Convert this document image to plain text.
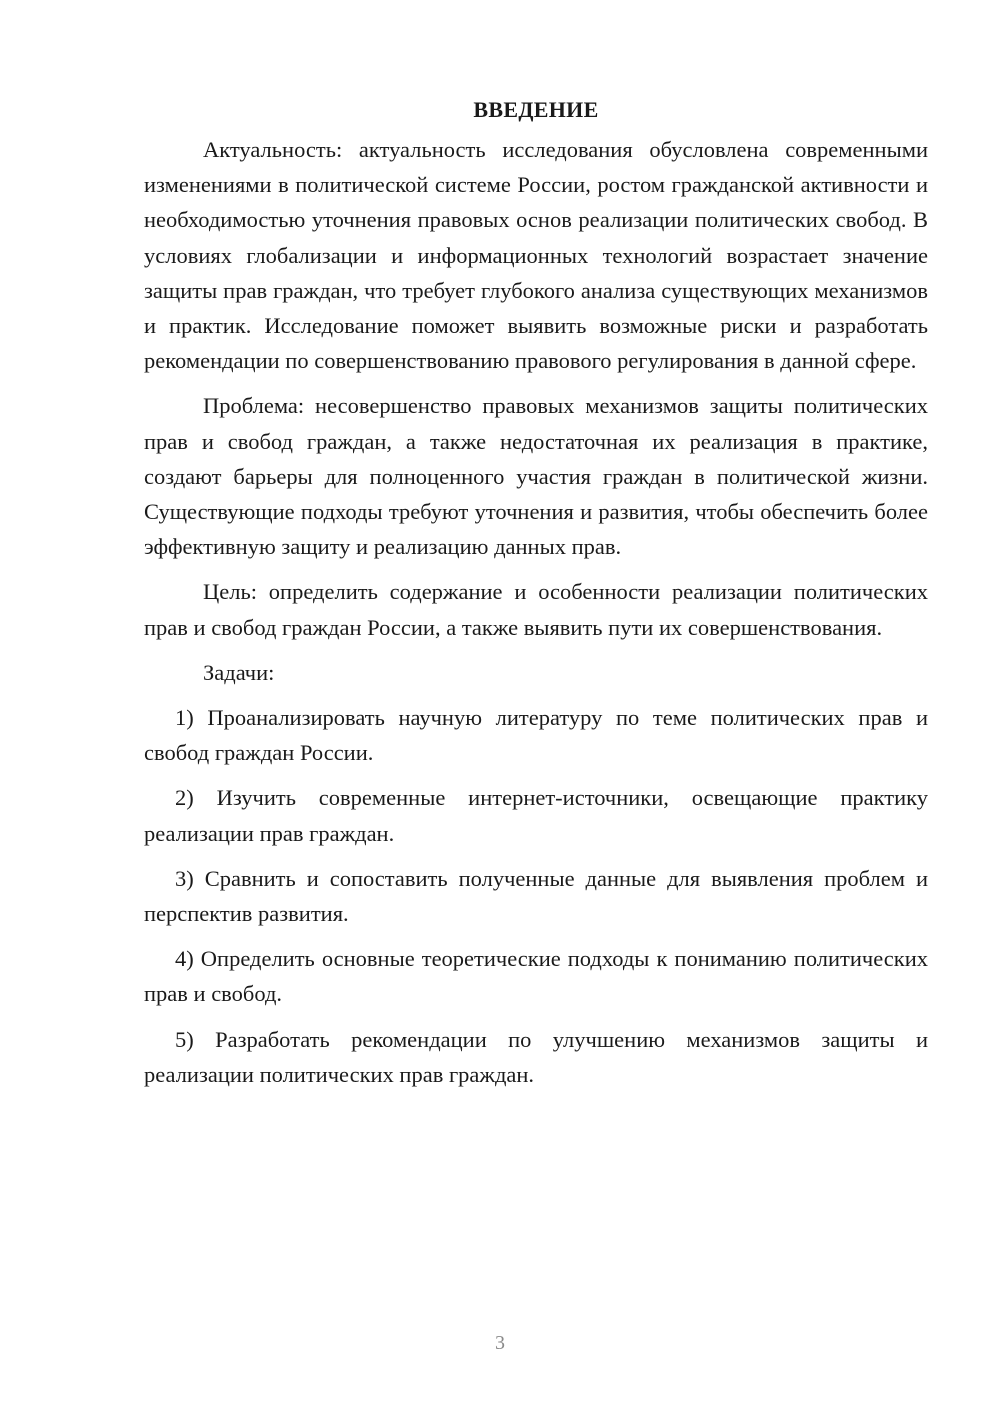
ВВЕДЕНИЕ

Актуальность: актуальность исследования обусловлена современными изменениями в политической системе России, ростом гражданской активности и необходимостью уточнения правовых основ реализации политических свобод. В условиях глобализации и информационных технологий возрастает значение защиты прав граждан, что требует глубокого анализа существующих механизмов и практик. Исследование поможет выявить возможные риски и разработать рекомендации по совершенствованию правового регулирования в данной сфере.

Проблема: несовершенство правовых механизмов защиты политических прав и свобод граждан, а также недостаточная их реализация в практике, создают барьеры для полноценного участия граждан в политической жизни. Существующие подходы требуют уточнения и развития, чтобы обеспечить более эффективную защиту и реализацию данных прав.

Цель: определить содержание и особенности реализации политических прав и свобод граждан России, а также выявить пути их совершенствования.

Задачи:

1) Проанализировать научную литературу по теме политических прав и свобод граждан России.

2) Изучить современные интернет-источники, освещающие практику реализации прав граждан.

3) Сравнить и сопоставить полученные данные для выявления проблем и перспектив развития.

4) Определить основные теоретические подходы к пониманию политических прав и свобод.

5) Разработать рекомендации по улучшению механизмов защиты и реализации политических прав граждан.

3
